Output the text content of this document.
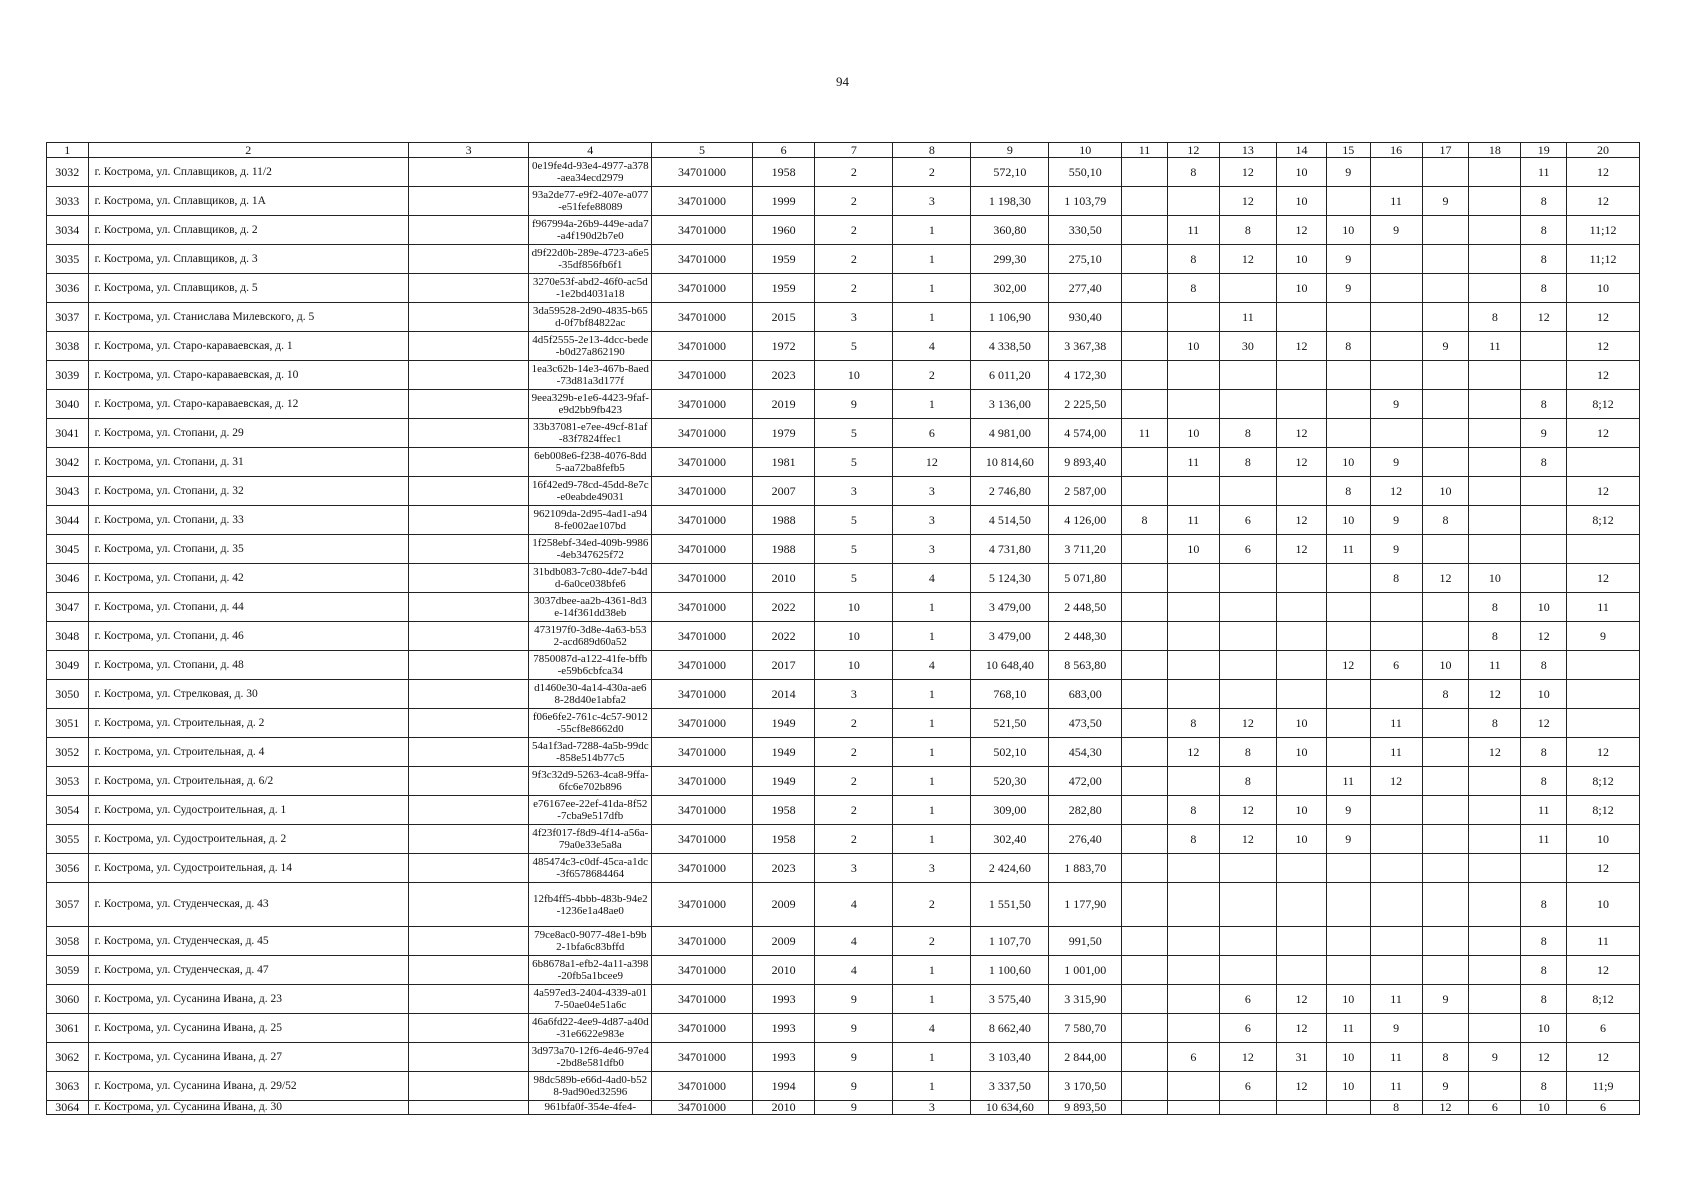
94
1	2	3	4	5	6	7	8	9	10	11	12	13	14	15	16	17	18	19	20
3032	г. Кострома, ул. Сплавщиков, д. 11/2		0e19fe4d-93e4-4977-a378-aea34ecd2979	34701000	1958	2	2	572,10	550,10		8	12	10	9				11	12
3033	г. Кострома, ул. Сплавщиков, д. 1А		93a2de77-e9f2-407e-a077-e51fefe88089	34701000	1999	2	3	1 198,30	1 103,79			12	10		11	9		8	12
3034	г. Кострома, ул. Сплавщиков, д. 2		f967994a-26b9-449e-ada7-a4f190d2b7e0	34701000	1960	2	1	360,80	330,50		11	8	12	10	9			8	11;12
3035	г. Кострома, ул. Сплавщиков, д. 3		d9f22d0b-289e-4723-a6e5-35df856fb6f1	34701000	1959	2	1	299,30	275,10		8	12	10	9				8	11;12
3036	г. Кострома, ул. Сплавщиков, д. 5		3270e53f-abd2-46f0-ac5d-1e2bd4031a18	34701000	1959	2	1	302,00	277,40		8		10	9				8	10
3037	г. Кострома, ул. Станислава Милевского, д. 5		3da59528-2d90-4835-b65d-0f7bf84822ac	34701000	2015	3	1	1 106,90	930,40			11					8	12	12
3038	г. Кострома, ул. Старо-караваевская, д. 1		4d5f2555-2e13-4dcc-bede-b0d27a862190	34701000	1972	5	4	4 338,50	3 367,38		10	30	12	8		9	11		12
3039	г. Кострома, ул. Старо-караваевская, д. 10		1ea3c62b-14e3-467b-8aed-73d81a3d177f	34701000	2023	10	2	6 011,20	4 172,30										12
3040	г. Кострома, ул. Старо-караваевская, д. 12		9eea329b-e1e6-4423-9faf-e9d2bb9fb423	34701000	2019	9	1	3 136,00	2 225,50						9			8	8;12
3041	г. Кострома, ул. Стопани, д. 29		33b37081-e7ee-49cf-81af-83f7824ffec1	34701000	1979	5	6	4 981,00	4 574,00	11	10	8	12					9	12
3042	г. Кострома, ул. Стопани, д. 31		6eb008e6-f238-4076-8dd5-aa72ba8fefb5	34701000	1981	5	12	10 814,60	9 893,40		11	8	12	10	9			8	
3043	г. Кострома, ул. Стопани, д. 32		16f42ed9-78cd-45dd-8e7c-e0eabde49031	34701000	2007	3	3	2 746,80	2 587,00					8	12	10			12
3044	г. Кострома, ул. Стопани, д. 33		962109da-2d95-4ad1-a948-fe002ae107bd	34701000	1988	5	3	4 514,50	4 126,00	8	11	6	12	10	9	8			8;12
3045	г. Кострома, ул. Стопани, д. 35		1f258ebf-34ed-409b-9986-4eb347625f72	34701000	1988	5	3	4 731,80	3 711,20		10	6	12	11	9				
3046	г. Кострома, ул. Стопани, д. 42		31bdb083-7c80-4de7-b4dd-6a0ce038bfe6	34701000	2010	5	4	5 124,30	5 071,80						8	12	10		12
3047	г. Кострома, ул. Стопани, д. 44		3037dbee-aa2b-4361-8d3e-14f361dd38eb	34701000	2022	10	1	3 479,00	2 448,50								8	10	11
3048	г. Кострома, ул. Стопани, д. 46		473197f0-3d8e-4a63-b532-acd689d60a52	34701000	2022	10	1	3 479,00	2 448,30								8	12	9
3049	г. Кострома, ул. Стопани, д. 48		7850087d-a122-41fe-bffb-e59b6cbfca34	34701000	2017	10	4	10 648,40	8 563,80					12	6	10	11	8	
3050	г. Кострома, ул. Стрелковая, д. 30		d1460e30-4a14-430a-ae68-28d40e1abfa2	34701000	2014	3	1	768,10	683,00							8	12	10	
3051	г. Кострома, ул. Строительная, д. 2		f06e6fe2-761c-4c57-9012-55cf8e8662d0	34701000	1949	2	1	521,50	473,50		8	12	10		11		8	12	
3052	г. Кострома, ул. Строительная, д. 4		54a1f3ad-7288-4a5b-99dc-858e514b77c5	34701000	1949	2	1	502,10	454,30		12	8	10		11		12	8	12
3053	г. Кострома, ул. Строительная, д. 6/2		9f3c32d9-5263-4ca8-9ffa-6fc6e702b896	34701000	1949	2	1	520,30	472,00			8		11	12			8	8;12
3054	г. Кострома, ул. Судостроительная, д. 1		e76167ee-22ef-41da-8f52-7cba9e517dfb	34701000	1958	2	1	309,00	282,80		8	12	10	9				11	8;12
3055	г. Кострома, ул. Судостроительная, д. 2		4f23f017-f8d9-4f14-a56a-79a0e33e5a8a	34701000	1958	2	1	302,40	276,40		8	12	10	9				11	10
3056	г. Кострома, ул. Судостроительная, д. 14		485474c3-c0df-45ca-a1dc-3f6578684464	34701000	2023	3	3	2 424,60	1 883,70										12
3057	г. Кострома, ул. Студенческая, д. 43		12fb4ff5-4bbb-483b-94e2-1236e1a48ae0	34701000	2009	4	2	1 551,50	1 177,90									8	10
3058	г. Кострома, ул. Студенческая, д. 45		79ce8ac0-9077-48e1-b9b2-1bfa6c83bffd	34701000	2009	4	2	1 107,70	991,50									8	11
3059	г. Кострома, ул. Студенческая, д. 47		6b8678a1-efb2-4a11-a398-20fb5a1bcee9	34701000	2010	4	1	1 100,60	1 001,00									8	12
3060	г. Кострома, ул. Сусанина Ивана, д. 23		4a597ed3-2404-4339-a017-50ae04e51a6c	34701000	1993	9	1	3 575,40	3 315,90			6	12	10	11	9		8	8;12
3061	г. Кострома, ул. Сусанина Ивана, д. 25		46a6fd22-4ee9-4d87-a40d-31e6622e983e	34701000	1993	9	4	8 662,40	7 580,70			6	12	11	9			10	6
3062	г. Кострома, ул. Сусанина Ивана, д. 27		3d973a70-12f6-4e46-97e4-2bd8e581dfb0	34701000	1993	9	1	3 103,40	2 844,00		6	12	31	10	11	8	9	12	12
3063	г. Кострома, ул. Сусанина Ивана, д. 29/52		98dc589b-e66d-4ad0-b528-9ad90ed32596	34701000	1994	9	1	3 337,50	3 170,50			6	12	10	11	9		8	11;9
3064	г. Кострома, ул. Сусанина Ивана, д. 30		961bfa0f-354e-4fe4-	34701000	2010	9	3	10 634,60	9 893,50						8	12	6	10	6
